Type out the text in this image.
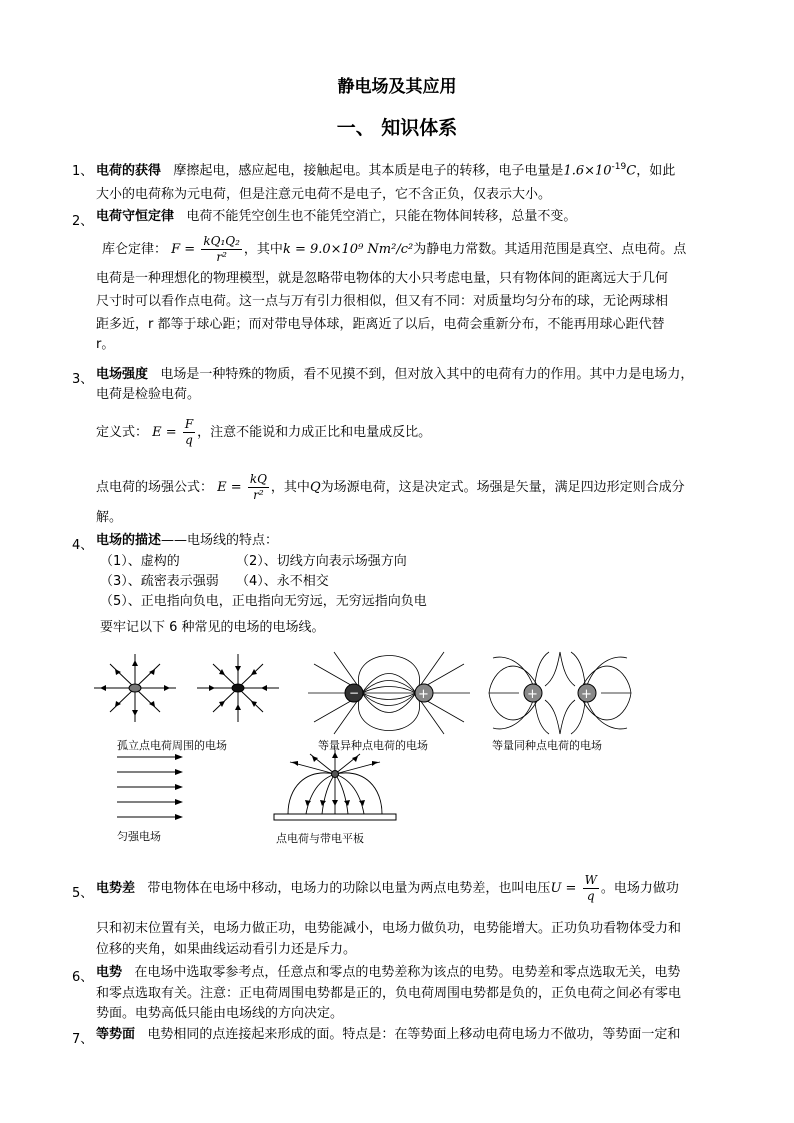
静电场及其应用
一、 知识体系
1、 电荷的获得 摩擦起电，感应起电，接触起电。其本质是电子的转移，电子电量是$1.6\times 10^{-19}C$，如此
大小的电荷称为元电荷，但是注意元电荷不是电子，它不含正负，仅表示大小。
2、 电荷守恒定律 电荷不能凭空创生也不能凭空消亡，只能在物体间转移，总量不变。
库仑定律： $F = \frac{\text{kQ₁Q₂}}{\text{r²}}$ ，其中k = 9.0×10⁹ Nm²/c²为静电力常数。其适用范围是真空、点电荷。点
电荷是一种理想化的物理模型，就是忽略带电物体的大小只考虑电量，只有物体间的距离远大于几何
尺寸时可以看作点电荷。这一点与万有引力很相似，但又有不同：对质量均匀分布的球，无论两球相
距多近，r 都等于球心距；而对带电导体球，距离近了以后，电荷会重新分布，不能再用球心距代替
r。
3、 电场强度 电场是一种特殊的物质，看不见摸不到，但对放入其中的电荷有力的作用。其中力是电场力，
电荷是检验电荷。
定义式： $E = \frac{F}{q}$ ，注意不能说和力成正比和电量成反比。
点电荷的场强公式： $E = \frac{kQ}{\text{r²}}$ ，其中Q为场源电荷，这是决定式。场强是矢量，满足四边形定则合成分
解。
4、 电场的描述——电场线的特点：
（1）、虚构的	（2）、切线方向表示场强方向
（3）、疏密表示强弱 （4）、永不相交
（5）、正电指向负电，正电指向无穷远，无穷远指向负电
要牢记以下 6 种常见的电场的电场线。
−	+	+	+
孤立点电荷周围的电场	等量异种点电荷的电场	等量同种点电荷的电场
匀强电场	点电荷与带电平板
5、 电势差 带电物体在电场中移动，电场力的功除以电量为两点电势差，也叫电压$U = \frac{W}{q}$ 。电场力做功
只和初末位置有关，电场力做正功，电势能减小，电场力做负功，电势能增大。正功负功看物体受力和
位移的夹角，如果曲线运动看引力还是斥力。
6、 电势 在电场中选取零参考点，任意点和零点的电势差称为该点的电势。电势差和零点选取无关，电势
和零点选取有关。注意：正电荷周围电势都是正的，负电荷周围电势都是负的，正负电荷之间必有零电
势面。电势高低只能由电场线的方向决定。
7、 等势面 电势相同的点连接起来形成的面。特点是：在等势面上移动电荷电场力不做功，等势面一定和
